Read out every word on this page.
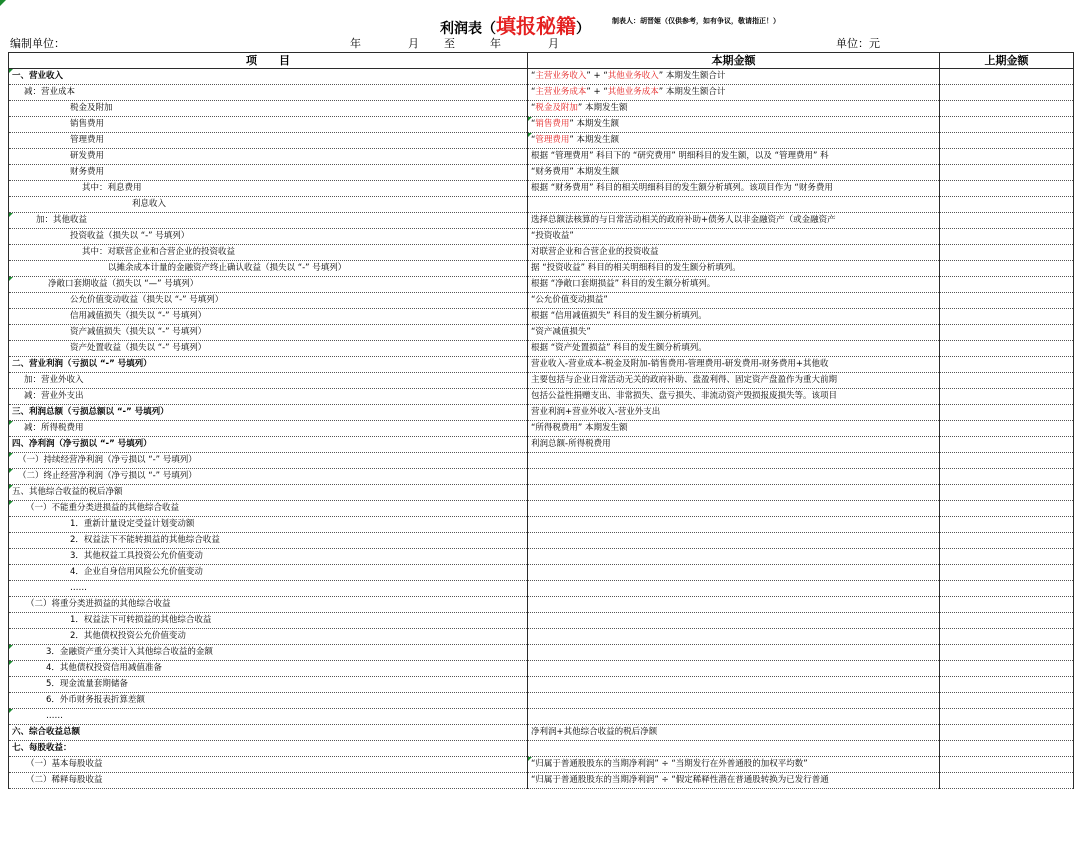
利润表（填报秘籍）	制表人：胡晋姬（仅供参考，如有争议，敬请指正！）
编制单位：	年	月 至	年	月	单位：元
项　　目	本期金额	上期金额
一、营业收入	“主营业务收入” + “其他业务收入” 本期发生额合计	
减：营业成本	“主营业务成本” + “其他业务成本” 本期发生额合计	
税金及附加	“税金及附加” 本期发生额	
销售费用	“销售费用” 本期发生额	
管理费用	“管理费用” 本期发生额	
研发费用	根据 “管理费用” 科目下的 “研究费用” 明细科目的发生额，以及 “管理费用” 科	
财务费用	“财务费用” 本期发生额	
其中：利息费用	根据 “财务费用” 科目的相关明细科目的发生额分析填列。该项目作为 “财务费用	
利息收入		
加：其他收益	选择总额法核算的与日常活动相关的政府补助+债务人以非金融资产（或金融资产	
投资收益（损失以 “-” 号填列）	“投资收益”	
其中：对联营企业和合营企业的投资收益	对联营企业和合营企业的投资收益	
以摊余成本计量的金融资产终止确认收益（损失以 “-” 号填列）	据 “投资收益” 科目的相关明细科目的发生额分析填列。	
净敞口套期收益（损失以 “—” 号填列）	根据 “净敞口套期损益” 科目的发生额分析填列。	
公允价值变动收益（损失以 “-” 号填列）	“公允价值变动损益”	
信用减值损失（损失以 “-” 号填列）	根据 “信用减值损失” 科目的发生额分析填列。	
资产减值损失（损失以 “-” 号填列）	“资产减值损失”	
资产处置收益（损失以 “-” 号填列）	根据 “资产处置损益” 科目的发生额分析填列。	
二、营业利润（亏损以 “-” 号填列）	营业收入-营业成本-税金及附加-销售费用-管理费用-研发费用-财务费用+其他收	
加：营业外收入	主要包括与企业日常活动无关的政府补助、盘盈利得、固定资产盘盈作为重大前期	
减：营业外支出	包括公益性捐赠支出、非常损失、盘亏损失、非流动资产毁损报废损失等。该项目	
三、利润总额（亏损总额以 “-” 号填列）	营业利润+营业外收入-营业外支出	
减：所得税费用	“所得税费用” 本期发生额	
四、净利润（净亏损以 “-” 号填列）	利润总额-所得税费用	
（一）持续经营净利润（净亏损以 “-” 号填列）		
（二）终止经营净利润（净亏损以 “-” 号填列）		
五、其他综合收益的税后净额		
（一）不能重分类进损益的其他综合收益		
1．重新计量设定受益计划变动额		
2．权益法下不能转损益的其他综合收益		
3．其他权益工具投资公允价值变动		
4．企业自身信用风险公允价值变动		
……		
（二）将重分类进损益的其他综合收益		
1．权益法下可转损益的其他综合收益		
2．其他债权投资公允价值变动		
3．金融资产重分类计入其他综合收益的金额		
4．其他债权投资信用减值准备		
5．现金流量套期储备		
6．外币财务报表折算差额		
……		
六、综合收益总额	净利润+其他综合收益的税后净额	
七、每股收益：		
（一）基本每股收益	“归属于普通股股东的当期净利润” ÷ “当期发行在外普通股的加权平均数”	
（二）稀释每股收益	“归属于普通股股东的当期净利润” ÷ “假定稀释性潜在普通股转换为已发行普通	
